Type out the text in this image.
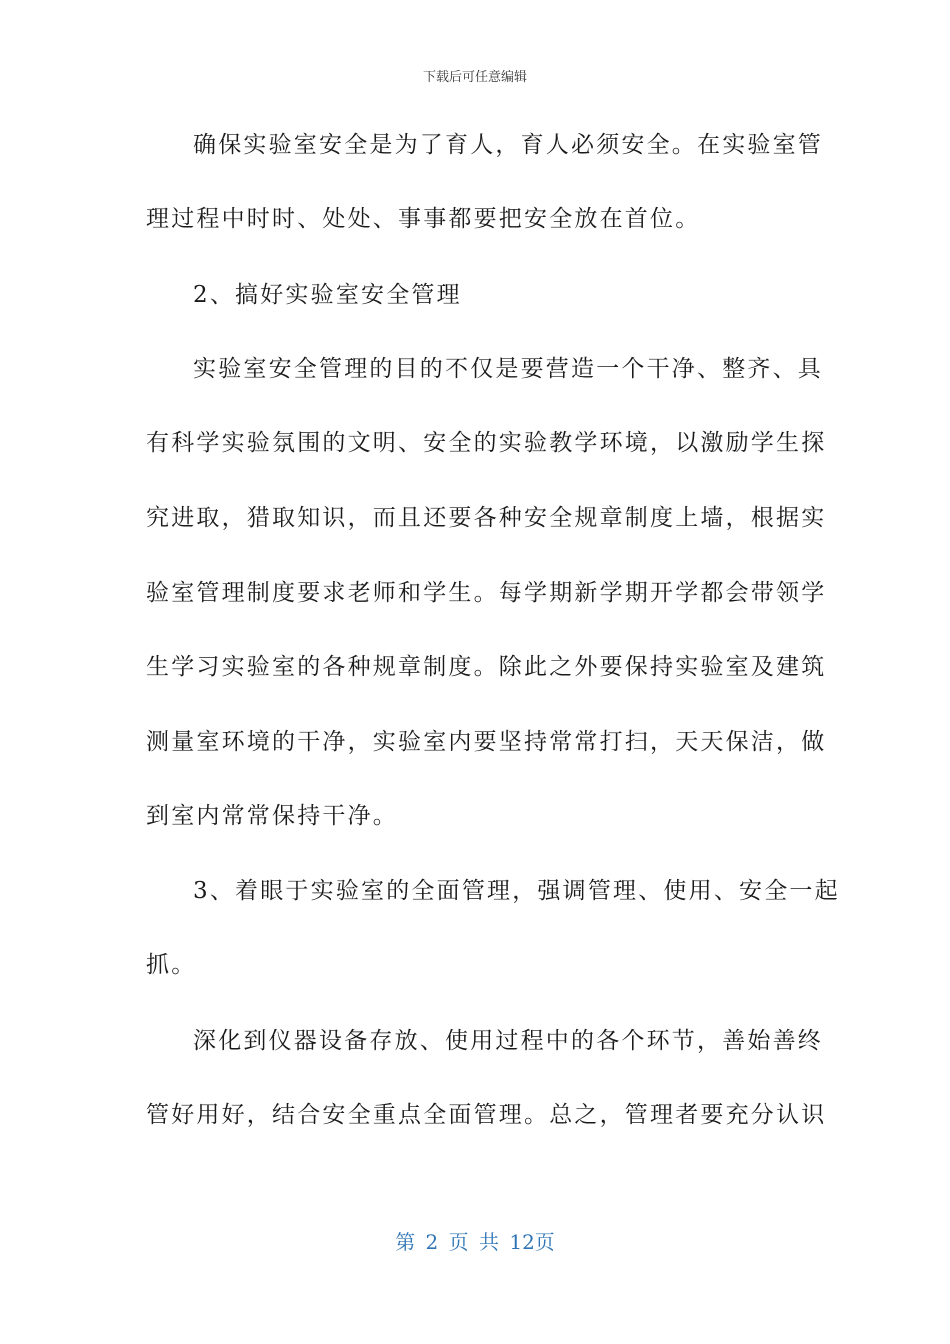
下载后可任意编辑
确保实验室安全是为了育人，育人必须安全。在实验室管
理过程中时时、处处、事事都要把安全放在首位。
2、搞好实验室安全管理
实验室安全管理的目的不仅是要营造一个干净、整齐、具
有科学实验氛围的文明、安全的实验教学环境，以激励学生探
究进取，猎取知识，而且还要各种安全规章制度上墙，根据实
验室管理制度要求老师和学生。每学期新学期开学都会带领学
生学习实验室的各种规章制度。除此之外要保持实验室及建筑
测量室环境的干净，实验室内要坚持常常打扫，天天保洁，做
到室内常常保持干净。
3、着眼于实验室的全面管理，强调管理、使用、安全一起
抓。
深化到仪器设备存放、使用过程中的各个环节，善始善终
管好用好，结合安全重点全面管理。总之，管理者要充分认识
第 2 页 共 12页
